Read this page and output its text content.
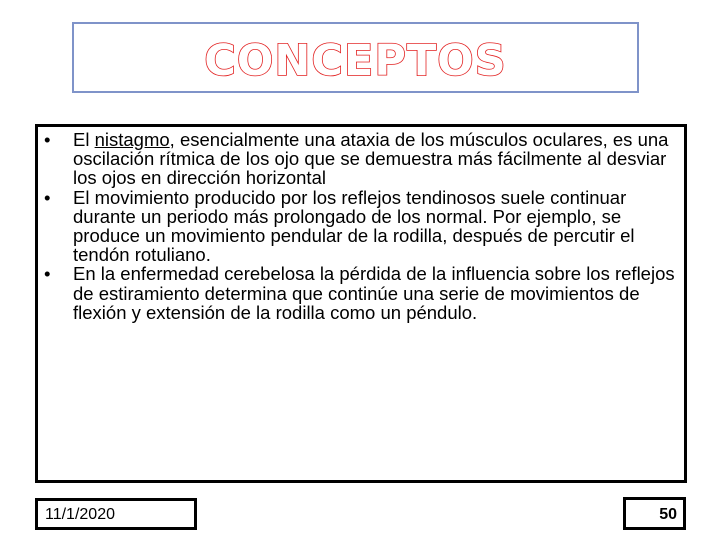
CONCEPTOS
• El nistagmo, esencialmente una ataxia de los músculos oculares, es una oscilación rítmica de los ojo que se demuestra más fácilmente al desviar los ojos en dirección horizontal
• El movimiento producido por los reflejos tendinosos suele continuar durante un periodo más prolongado de los normal. Por ejemplo, se produce un movimiento pendular de la rodilla, después de percutir el tendón rotuliano.
• En la enfermedad cerebelosa la pérdida de la influencia sobre los reflejos de estiramiento determina que continúe una serie de movimientos de flexión y extensión de la rodilla como un péndulo.
11/1/2020	50
